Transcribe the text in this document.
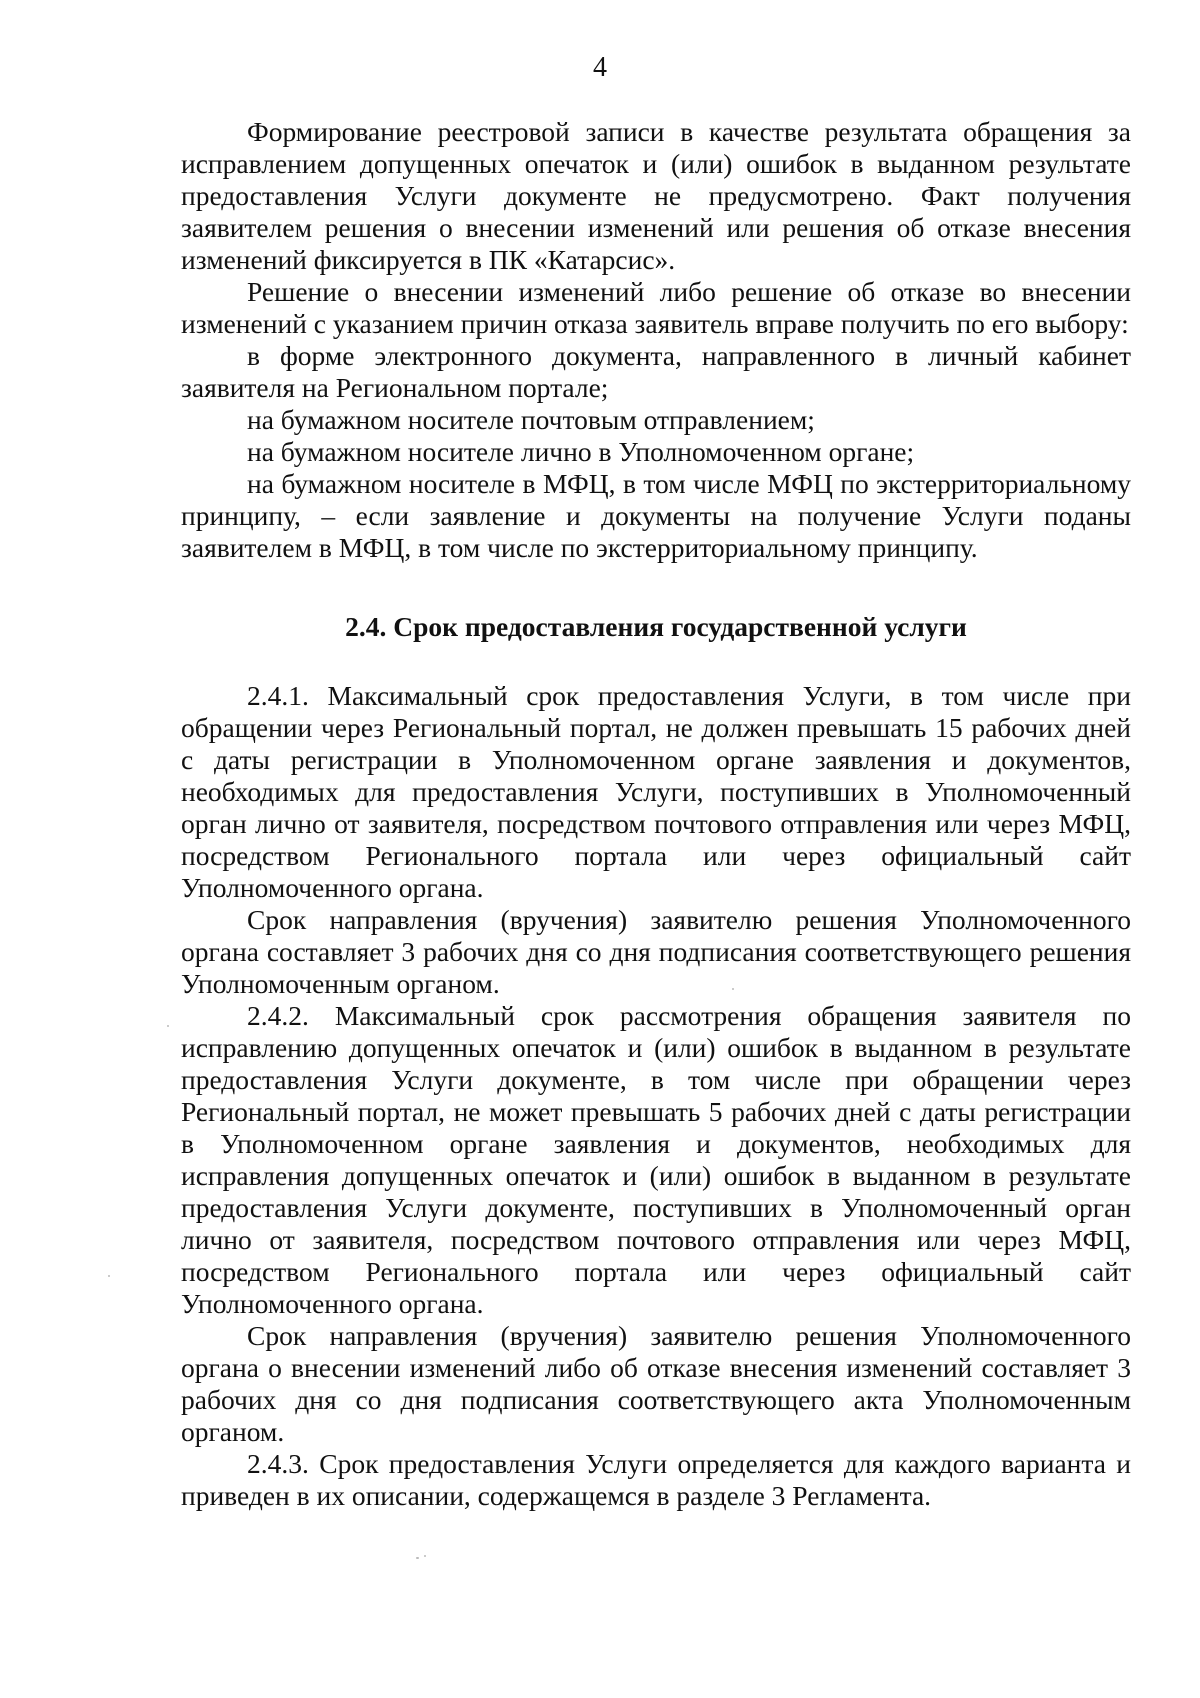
4

Формирование реестровой записи в качестве результата обращения за исправлением допущенных опечаток и (или) ошибок в выданном результате предоставления Услуги документе не предусмотрено. Факт получения заявителем решения о внесении изменений или решения об отказе внесения изменений фиксируется в ПК «Катарсис».

Решение о внесении изменений либо решение об отказе во внесении изменений с указанием причин отказа заявитель вправе получить по его выбору:

в форме электронного документа, направленного в личный кабинет заявителя на Региональном портале;

на бумажном носителе почтовым отправлением;

на бумажном носителе лично в Уполномоченном органе;

на бумажном носителе в МФЦ, в том числе МФЦ по экстерриториальному принципу, – если заявление и документы на получение Услуги поданы заявителем в МФЦ, в том числе по экстерриториальному принципу.

2.4. Срок предоставления государственной услуги

2.4.1. Максимальный срок предоставления Услуги, в том числе при обращении через Региональный портал, не должен превышать 15 рабочих дней с даты регистрации в Уполномоченном органе заявления и документов, необходимых для предоставления Услуги, поступивших в Уполномоченный орган лично от заявителя, посредством почтового отправления или через МФЦ, посредством Регионального портала или через официальный сайт Уполномоченного органа.

Срок направления (вручения) заявителю решения Уполномоченного органа составляет 3 рабочих дня со дня подписания соответствующего решения Уполномоченным органом.

2.4.2. Максимальный срок рассмотрения обращения заявителя по исправлению допущенных опечаток и (или) ошибок в выданном в результате предоставления Услуги документе, в том числе при обращении через Региональный портал, не может превышать 5 рабочих дней с даты регистрации в Уполномоченном органе заявления и документов, необходимых для исправления допущенных опечаток и (или) ошибок в выданном в результате предоставления Услуги документе, поступивших в Уполномоченный орган лично от заявителя, посредством почтового отправления или через МФЦ, посредством Регионального портала или через официальный сайт Уполномоченного органа.

Срок направления (вручения) заявителю решения Уполномоченного органа о внесении изменений либо об отказе внесения изменений составляет 3 рабочих дня со дня подписания соответствующего акта Уполномоченным органом.

2.4.3. Срок предоставления Услуги определяется для каждого варианта и приведен в их описании, содержащемся в разделе 3 Регламента.
